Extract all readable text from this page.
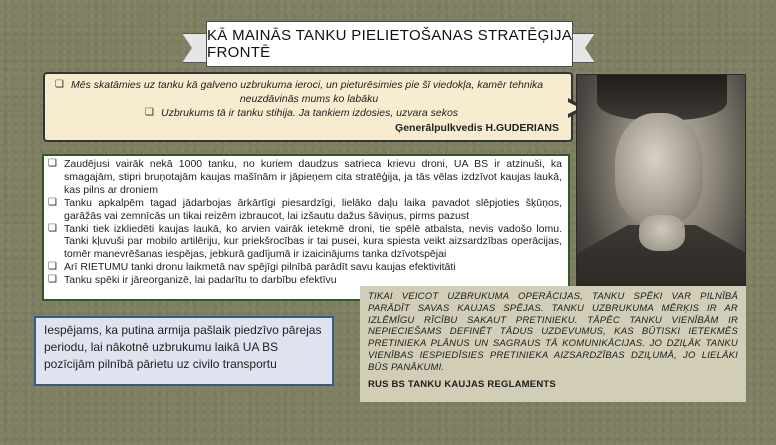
KĀ MAINĀS TANKU PIELIETOŠANAS STRATĒĢIJA FRONTĒ
❏ Mēs skatāmies uz tanku kā galveno uzbrukuma ieroci, un pieturēsimies pie šī viedokļa, kamēr tehnika
neuzdāvinās mums ko labāku
❏ Uzbrukums tā ir tanku stihija. Ja tankiem izdosies, uzvara sekos
Ģenerālpulkvedis H.GUDERIANS
❏ Zaudējusi vairāk nekā 1000 tanku, no kuriem daudzus satrieca krievu droni, UA BS ir atzinuši, ka smagajām, stipri bruņotajām kaujas mašīnām ir jāpieņem cita stratēģija, ja tās vēlas izdzīvot kaujas laukā, kas pilns ar droniem
❏ Tanku apkalpēm tagad jādarbojas ārkārtīgi piesardzīgi, lielāko daļu laika pavadot slēpjoties šķūņos, garāžās vai zemnīcās un tikai reizēm izbraucot, lai izšautu dažus šāviņus, pirms pazust
❏ Tanki tiek izkliedēti kaujas laukā, ko arvien vairāk ietekmē droni, tie spēlē atbalsta, nevis vadošo lomu. Tanki kļuvuši par mobilo artilēriju, kur priekšrocības ir tai pusei, kura spiesta veikt aizsardzības operācijas, tomēr manevrēšanas iespējas, jebkurā gadījumā ir izaicinājums tanka dzīvotspējai
❏ Arī RIETUMU tanki dronu laikmetā nav spējīgi pilnībā parādīt savu kaujas efektivitāti
❏ Tanku spēki ir jāreorganizē, lai padarītu to darbību efektīvu
Iespējams, ka putina armija pašlaik piedzīvo pārejas periodu, lai nākotnē uzbrukumu laikā UA BS pozīcijām pilnībā pārietu uz civilo transportu
TIKAI VEICOT UZBRUKUMA OPERĀCIJAS, TANKU SPĒKI VAR PILNĪBĀ PARĀDĪT SAVAS KAUJAS SPĒJAS. TANKU UZBRUKUMA MĒRĶIS IR AR IZLĒMĪGU RĪCĪBU SAKAUT PRETINIEKU. TĀPĒC TANKU VIENĪBĀM IR NEPIECIEŠAMS DEFINĒT TĀDUS UZDEVUMUS, KAS BŪTISKI IETEKMĒS PRETINIEKA PLĀNUS UN SAGRAUS TĀ KOMUNIKĀCIJAS. JO DZIĻĀK TANKU VIENĪBAS IESPIEDĪSIES PRETINIEKA AIZSARDZĪBAS DZIĻUMĀ, JO LIELĀKI BŪS PANĀKUMI.
RUS BS TANKU KAUJAS REGLAMENTS
